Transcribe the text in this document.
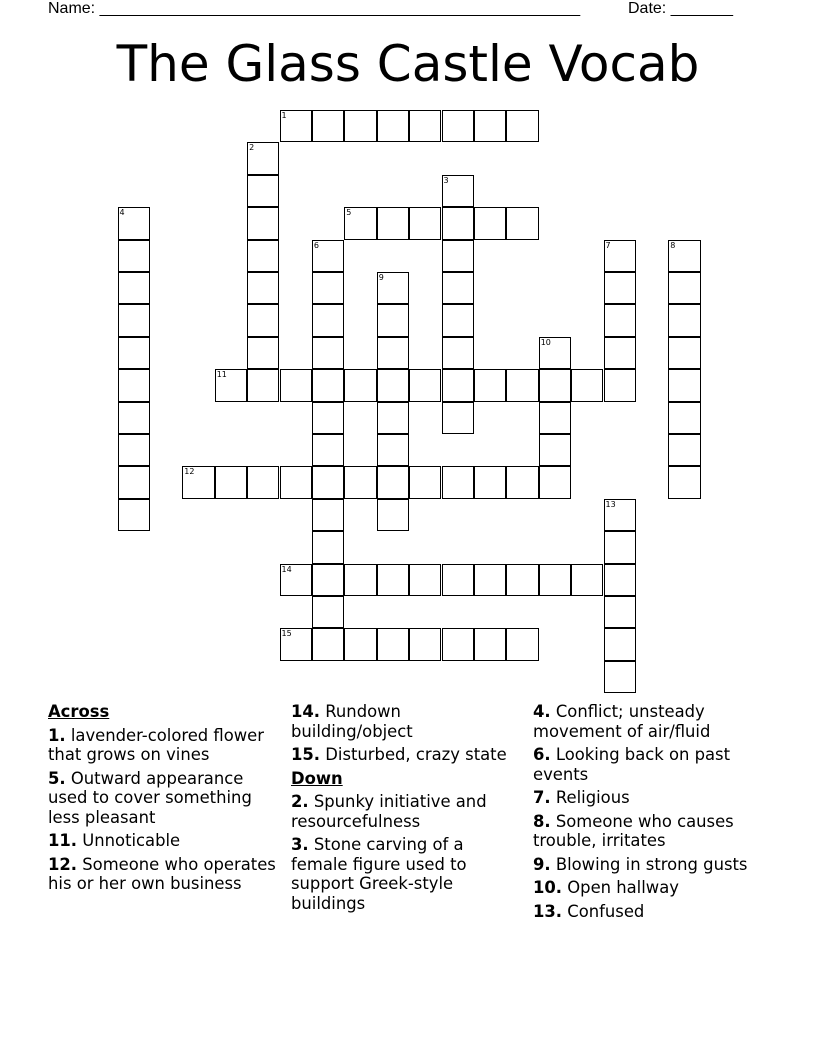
Name: ______________________________________________________	Date: _______
The Glass Castle Vocab
1
2
3
4	5
6	7	8
9
10
11
12
13
14
15
Across
1. lavender-colored flower that grows on vines
5. Outward appearance used to cover something less pleasant
11. Unnoticable
12. Someone who operates his or her own business
14. Rundown building/object
15. Disturbed, crazy state
Down
2. Spunky initiative and resourcefulness
3. Stone carving of a female figure used to support Greek-style buildings
4. Conflict; unsteady movement of air/fluid
6. Looking back on past events
7. Religious
8. Someone who causes trouble, irritates
9. Blowing in strong gusts
10. Open hallway
13. Confused
